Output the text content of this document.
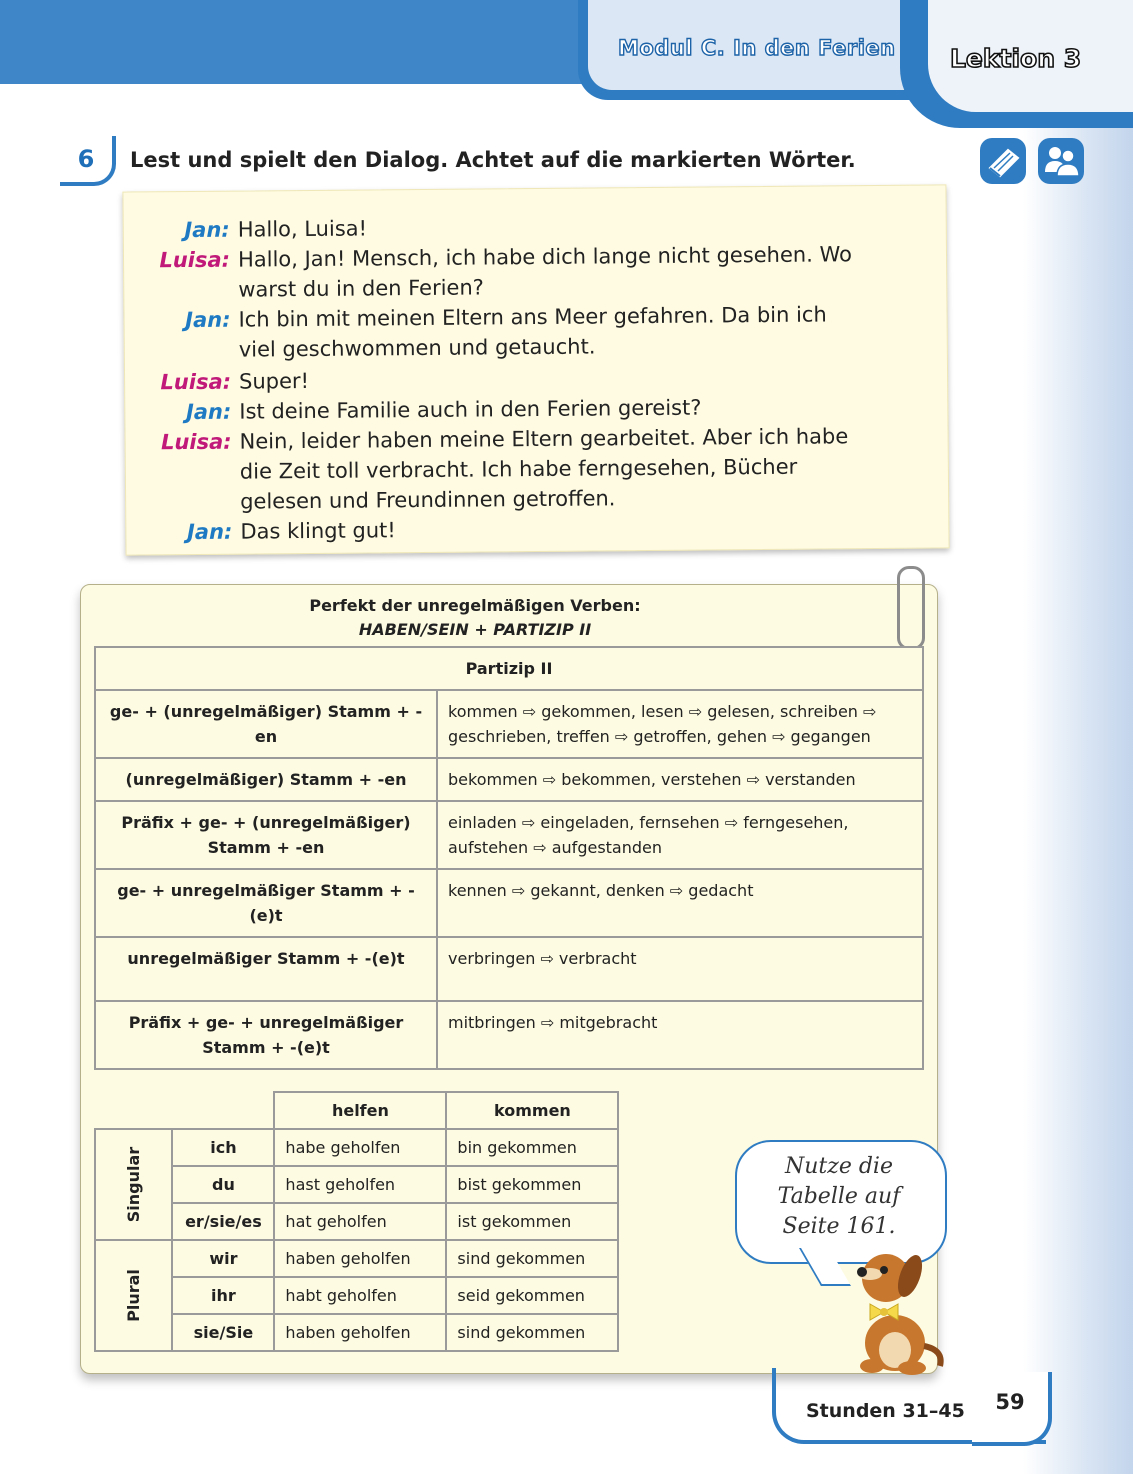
Modul C. In den Ferien Lektion 3
6	Lest und spielt den Dialog. Achtet auf die markierten Wörter.
Jan: Hallo, Luisa!
Luisa: Hallo, Jan! Mensch, ich habe dich lange nicht gesehen. Wo
warst du in den Ferien?
Jan: Ich bin mit meinen Eltern ans Meer gefahren. Da bin ich
viel geschwommen und getaucht.
Luisa: Super!
Jan: Ist deine Familie auch in den Ferien gereist?
Luisa: Nein, leider haben meine Eltern gearbeitet. Aber ich habe
die Zeit toll verbracht. Ich habe ferngesehen, Bücher
gelesen und Freundinnen getroffen.
Jan: Das klingt gut!
Perfekt der unregelmäßigen Verben:
HABEN/SEIN + PARTIZIP II
Partizip II	
ge- + (unregelmäßiger) Stamm + -en	kommen ⇨ gekommen, lesen ⇨ gelesen, schreiben ⇨ geschrieben, treffen ⇨ getroffen, gehen ⇨ gegangen
(unregelmäßiger) Stamm + -en	bekommen ⇨ bekommen, verstehen ⇨ verstanden
Präfix + ge- + (unregelmäßiger) Stamm + -en	einladen ⇨ eingeladen, fernsehen ⇨ ferngesehen, aufstehen ⇨ aufgestanden
ge- + unregelmäßiger Stamm + -(e)t	kennen ⇨ gekannt, denken ⇨ gedacht
unregelmäßiger Stamm + -(e)t	verbringen ⇨ verbracht
Präfix + ge- + unregelmäßiger Stamm + -(e)t	mitbringen ⇨ mitgebracht
		helfen	kommen
Singular	ich	habe geholfen	bin gekommen
	du	hast geholfen	bist gekommen
	er/sie/es	hat geholfen	ist gekommen
Plural	wir	haben geholfen	sind gekommen
	ihr	habt geholfen	seid gekommen
	sie/Sie	haben geholfen	sind gekommen
Nutze die
Tabelle auf
Seite 161.
Stunden 31–45	59
